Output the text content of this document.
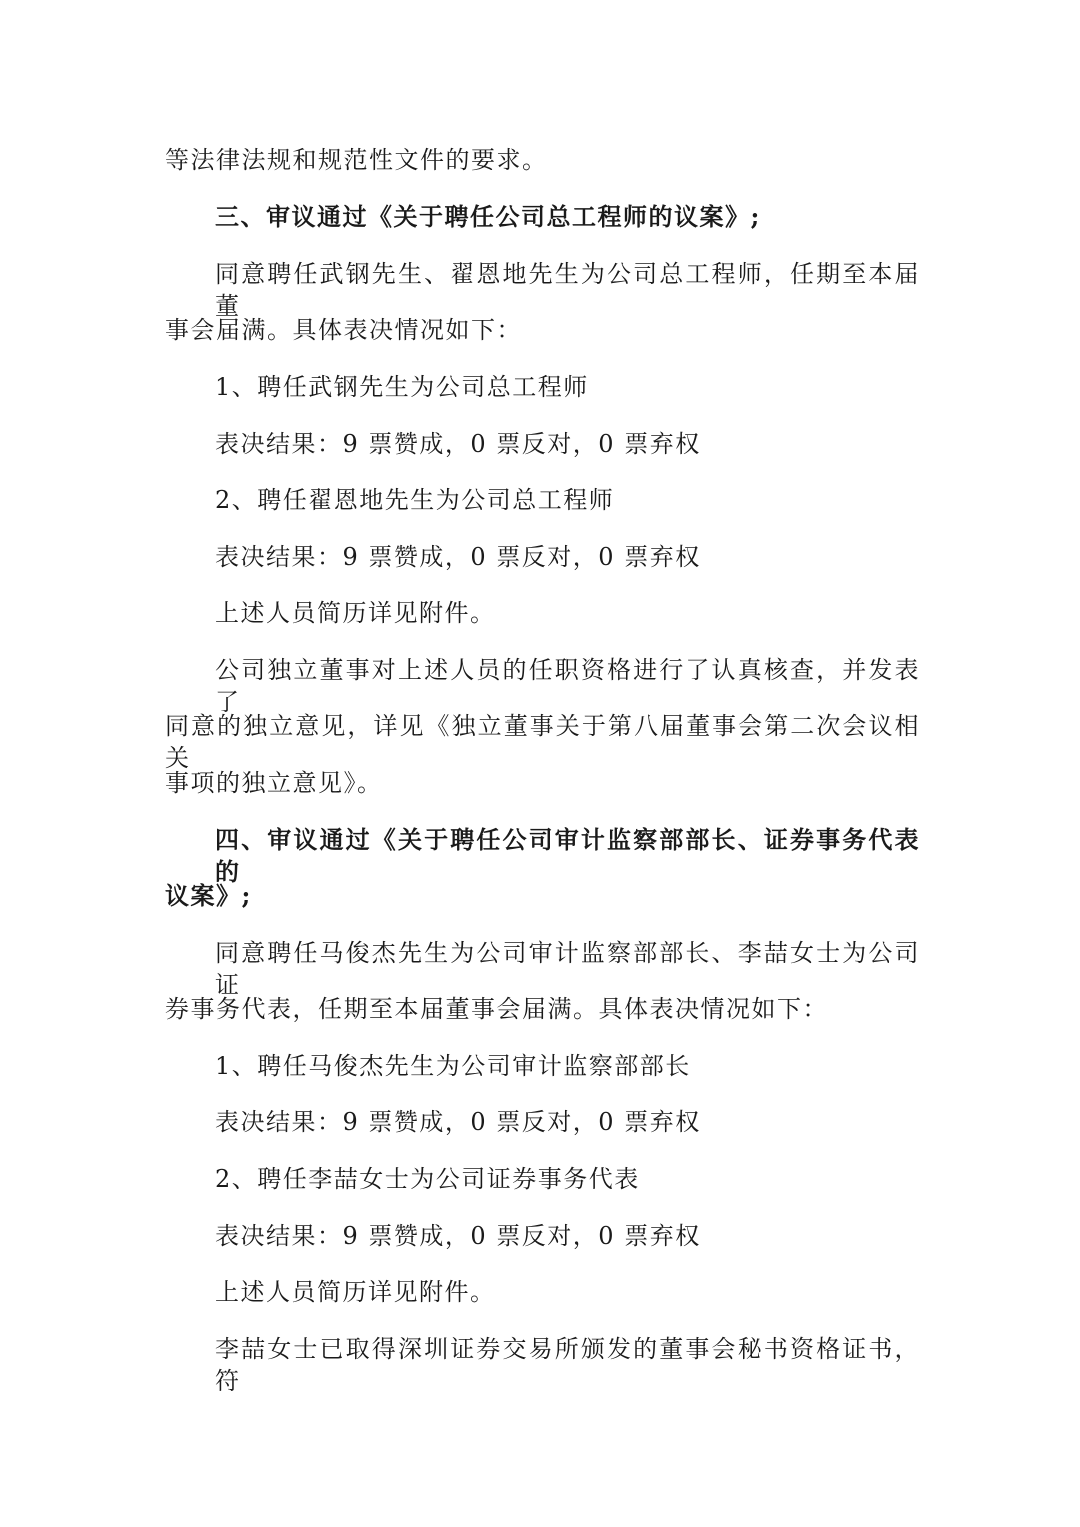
等法律法规和规范性文件的要求。
三、审议通过《关于聘任公司总工程师的议案》;
同意聘任武钢先生、翟恩地先生为公司总工程师，任期至本届董
事会届满。具体表决情况如下：
1、聘任武钢先生为公司总工程师
表决结果：9 票赞成，0 票反对，0 票弃权
2、聘任翟恩地先生为公司总工程师
表决结果：9 票赞成，0 票反对，0 票弃权
上述人员简历详见附件。
公司独立董事对上述人员的任职资格进行了认真核查，并发表了
同意的独立意见，详见《独立董事关于第八届董事会第二次会议相关
事项的独立意见》。
四、审议通过《关于聘任公司审计监察部部长、证券事务代表的
议案》;
同意聘任马俊杰先生为公司审计监察部部长、李喆女士为公司证
券事务代表，任期至本届董事会届满。具体表决情况如下：
1、聘任马俊杰先生为公司审计监察部部长
表决结果：9 票赞成，0 票反对，0 票弃权
2、聘任李喆女士为公司证券事务代表
表决结果：9 票赞成，0 票反对，0 票弃权
上述人员简历详见附件。
李喆女士已取得深圳证券交易所颁发的董事会秘书资格证书，符
